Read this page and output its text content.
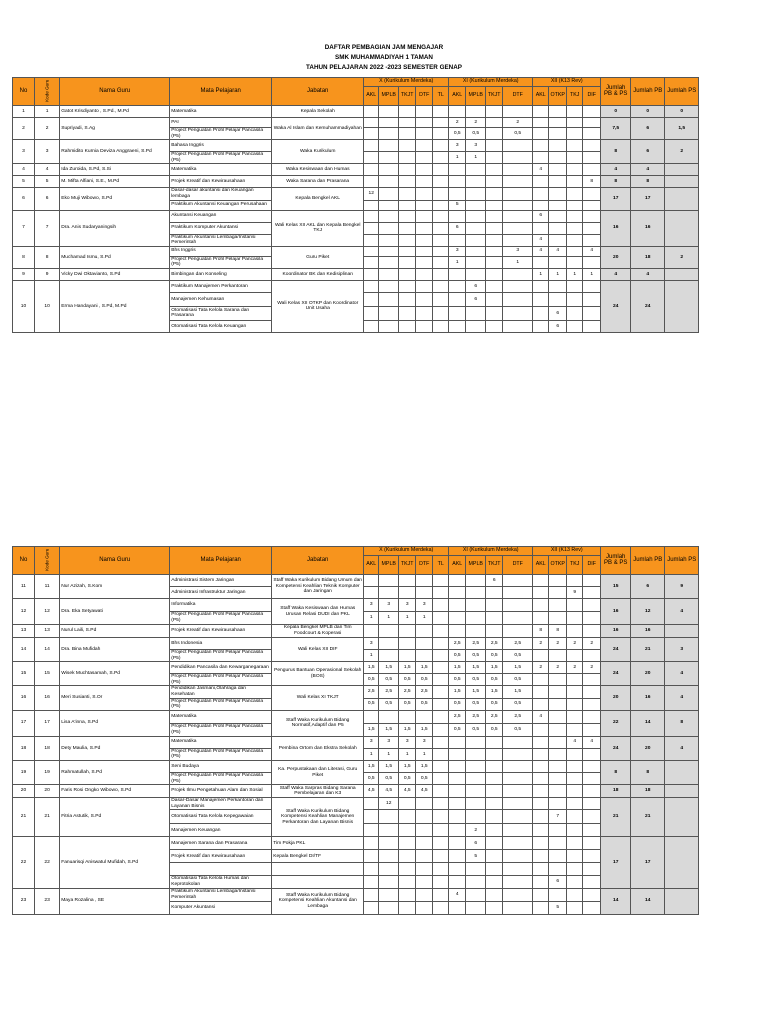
DAFTAR PEMBAGIAN JAM MENGAJAR
SMK MUHAMMADIYAH 1 TAMAN
TAHUN PELAJARAN 2022 -2023 SEMESTER GENAP
No	Kode Guru	Nama Guru	Mata Pelajaran	Jabatan	X (Kurikulum Merdeka)					XI (Kurikulum Merdeka)				XII (K13 Rev)				Jumlah PB & PS	Jumlah PB	Jumlah PS
					AKL	MPLB	TKJT	DTF	TL	AKL	MPLB	TKJT	DTF	AKL	OTKP	TKJ	DIF			
1	1	Gatot Krisdiyanto , S.Pd., M.Pd	Matematika	Kepala Sekolah														0	0	0
2	2	Supriyadi, S.Ag	PAI	Waka Al Islam dan Kemuhammadiyahan						2	2		2					7,5	6	1,5
			Project Penguatan Profil Pelajar Pancasila (P5)							0,5	0,5		0,5							
3	3	Rahmidito Kurnia Deviza Anggraeni, S.Pd	Bahasa Inggris	Waka Kurikulum						3	3							8	6	2
			Project Penguatan Profil Pelajar Pancasila (P5)							1	1									
4	4	Ida Zuroida, S.Pd, S.Si	Matematika	Waka Kesiswaan dan Humas										4				4	4	
5	5	M. Mifta Alfiani, S.E., M.Pd	Projek Kreatif dan Kewirausahaan	Waka Sarana dan Prasarana													8	8	8	
6	6	Eko Muji Wibowo, S.Pd	Dasar-dasar akuntansi dan Keuangan lembaga	Kepala Bengkel AKL	12													17	17	
			Praktikum Akuntansi Keuangan Perusahaan							5										
7	7	Dra. Anis Sudaryaningsih	Akuntansi Keuangan	Wali Kelas XII AKL dan Kepala Bengkel TKJ										6				16	16	
			Praktikum Komputer Akuntansi							6										
			Praktikum Akuntansi Lembaga/Instansi Pemerintah											4						
8	8	Muchamad Ismu, S.Pd	Bhs Inggris	Guru Piket						3			3	4	4		4	20	18	2
			Project Penguatan Profil Pelajar Pancasila (P5)							1			1							
9	9	Vicky Dwi Oktavianto, S.Pd	Bimbingan dan Konseling	Koordinator BK dan Kedisiplinan										1	1	1	1	4	4	
10	10	Erma Handayani , S.Pd, M.Pd	Praktikum Manajemen Perkantoran	Wali Kelas XII OTKP dan Koordinator Unit Usaha							6							24	24	
			Manajemen Kehumasan								6									
			Otomatisasi Tata Kelola Sarana dan Prasarana												6					
			Otomatisasi Tata Kelola Keuangan												6					
No	Kode Guru	Nama Guru	Mata Pelajaran	Jabatan	X (Kurikulum Merdeka)					XI (Kurikulum Merdeka)				XII (K13 Rev)				Jumlah PB & PS	Jumlah PB	Jumlah PS
					AKL	MPLB	TKJT	DTF	TL	AKL	MPLB	TKJT	DTF	AKL	OTKP	TKJ	DIF			
11	11	Nur Azizah, S.Kom	Administrasi Sistem Jaringan	Staff Waka Kurikulum Bidang Umum dan Kompetensi Keahlian Teknik Komputer dan Jaringan								6						15	6	9
			Administrasi Infrastruktur Jaringan													9				
12	12	Dra. Eka Setyawati	Informatika	Staff Waka Kesiswaan dan Humas Urusan Relasi DUDI dan PKL	3	3	3	3										16	12	4
			Project Penguatan Profil Pelajar Pancasila (P5)		1	1	1	1												
13	13	Nurul Laili, S.Pd	Projek Kreatif dan Kewirausahaan	Kepala Bengkel MPLB dan Tim Foodcourt & Koperasi										8	8			16	16	
14	14	Dra. Bina Mufidah	Bhs Indonesia	Wali Kelas XII DIF	3					2,5	2,5	2,5	2,5	2	2	2	2	24	21	3
			Project Penguatan Profil Pelajar Pancasila (P5)		1					0,5	0,5	0,5	0,5							
15	15	Wisek Muchtasamah, S.Pd	Pendidikan Pancasila dan Kewarganegaraan	Pengurus Bantuan Operasional Sekolah (BOS)	1,5	1,5	1,5	1,5		1,5	1,5	1,5	1,5	2	2	2	2	24	20	4
			Project Penguatan Profil Pelajar Pancasila (P5)		0,5	0,5	0,5	0,5		0,5	0,5	0,5	0,5							
16	16	Meri Susianti, S.Or	Pendidikan Jasmani,Olahraga dan Kesehatan	Wali Kelas XI TKJT	2,5	2,5	2,5	2,5		1,5	1,5	1,5	1,5					20	16	4
			Project Penguatan Profil Pelajar Pancasila (P5)		0,5	0,5	0,5	0,5		0,5	0,5	0,5	0,5							
17	17	Lisa A'inna, S.Pd	Matematika	Staff Waka Kurikulum Bidang Normatif,Adaptif dan P5						2,5	2,5	2,5	2,5	4				22	14	8
			Project Penguatan Profil Pelajar Pancasila (P5)		1,5	1,5	1,5	1,5		0,5	0,5	0,5	0,5							
18	18	Dety Maulia, S.Pd	Matematika	Pembina Ortom dan Ekstra Sekolah	3	3	3	3								4	4	24	20	4
			Project Penguatan Profil Pelajar Pancasila (P5)		1	1	1	1												
19	19	Rahmatullah, S.Pd	Seni Budaya	Ka. Perpustakaan dan Literasi, Guru Piket	1,5	1,5	1,5	1,5										8	8	
			Project Penguatan Profil Pelajar Pancasila (P5)		0,5	0,5	0,5	0,5												
20	20	Faris Rosi Ongko Wibowo, S.Pd	Projek Ilmu Pengetahuan Alam dan Sosial	Staff Waka Sarpras Bidang Sarana Pembelajaran dan K3	4,5	4,5	4,5	4,5										18	18	
21	21	Fitria Astutik, S.Pd	Dasar-Dasar Manajemen Perkantoran dan Layanan Bisnis	Staff Waka Kurikulum Bidang Kompetensi Keahlian Manajemen Perkantoran dan Layanan Bisnis		12												21	21	
			Otomatisasi Tata Kelola Kepegawaian												7					
			Manajemen Keuangan								2									
22	22	Fanuarisqi Aniswatul Mufidah, S.Pd	Manajemen Sarana dan Prasarana	Tim Pokja PKL							6							17	17	
			Projek Kreatif dan Kewirausahaan	Kepala Bengkel DI/TF							5									

			Otomatisasi Tata Kelola Humas dan Keprotokolan												6					
23	23	Maya Rozalina , SE	Praktikum Akuntansi Lembaga/Instansi Pemerintah	Staff Waka Kurikulum Bidang Kompetensi Keahlian Akuntansi dan Lembaga						4								14	14	
			Komputer Akuntansi												5					
